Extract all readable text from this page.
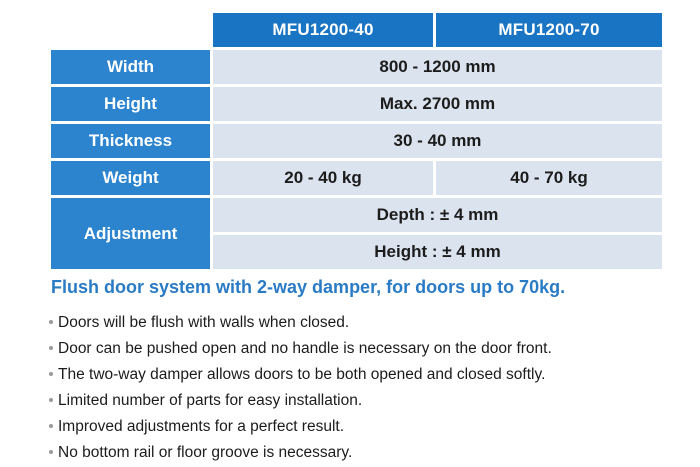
	MFU1200-40	MFU1200-70
Width	800 - 1200 mm	
Height	Max. 2700 mm	
Thickness	30 - 40 mm	
Weight	20 - 40 kg	40 - 70 kg
Adjustment	Depth : ± 4 mm	
	Height : ± 4 mm	

Flush door system with 2-way damper, for doors up to 70kg.

Doors will be flush with walls when closed.
Door can be pushed open and no handle is necessary on the door front.
The two-way damper allows doors to be both opened and closed softly.
Limited number of parts for easy installation.
Improved adjustments for a perfect result.
No bottom rail or floor groove is necessary.
